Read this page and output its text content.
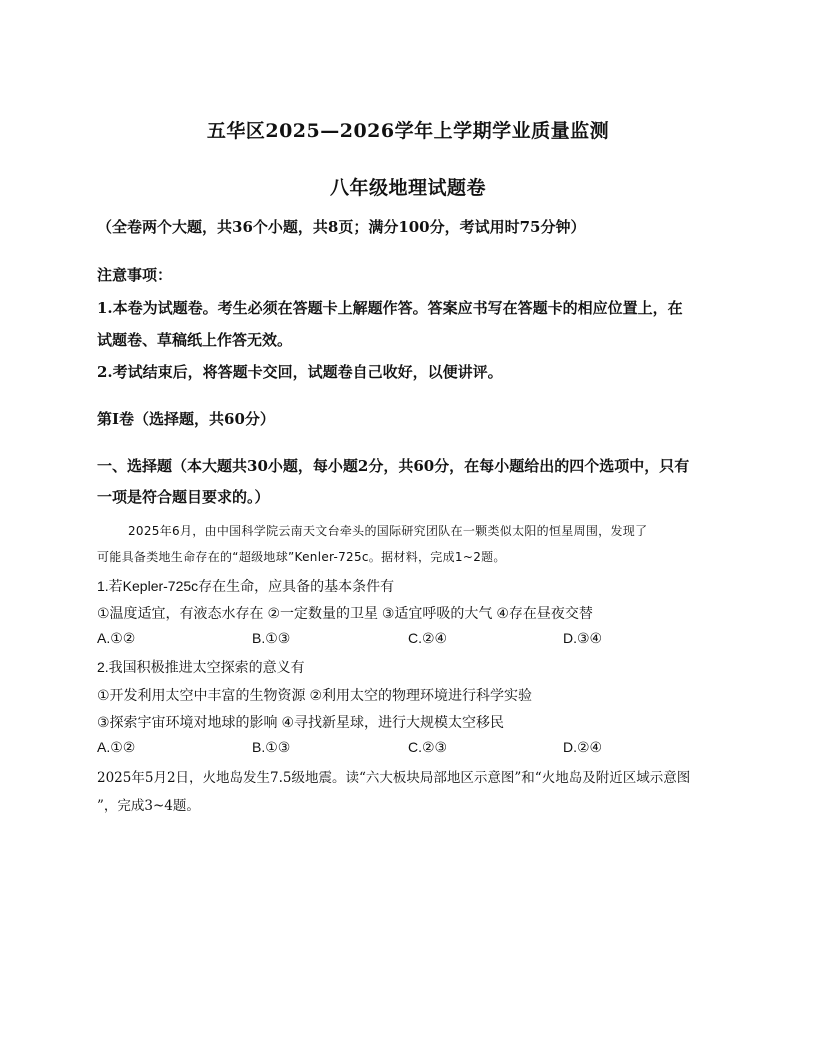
五华区2025—2026学年上学期学业质量监测
八年级地理试题卷
（全卷两个大题，共36个小题，共8页；满分100分，考试用时75分钟）
注意事项：
1.本卷为试题卷。考生必须在答题卡上解题作答。答案应书写在答题卡的相应位置上，在
试题卷、草稿纸上作答无效。
2.考试结束后，将答题卡交回，试题卷自己收好，以便讲评。
第Ⅰ卷（选择题，共60分）
一、选择题（本大题共30小题，每小题2分，共60分，在每小题给出的四个选项中，只有
一项是符合题目要求的。）
2025年6月，由中国科学院云南天文台牵头的国际研究团队在一颗类似太阳的恒星周围，发现了
可能具备类地生命存在的“超级地球”Kenler-725c。据材料，完成1~2题。
1.若Kepler-725c存在生命，应具备的基本条件有
①温度适宜，有液态水存在 ②一定数量的卫星 ③适宜呼吸的大气 ④存在昼夜交替
A.①②	B.①③	C.②④	D.③④
2.我国积极推进太空探索的意义有
①开发利用太空中丰富的生物资源 ②利用太空的物理环境进行科学实验
③探索宇宙环境对地球的影响 ④寻找新星球，进行大规模太空移民
A.①②	B.①③	C.②③	D.②④
2025年5月2日，火地岛发生7.5级地震。读“六大板块局部地区示意图”和“火地岛及附近区域示意图
”，完成3~4题。
